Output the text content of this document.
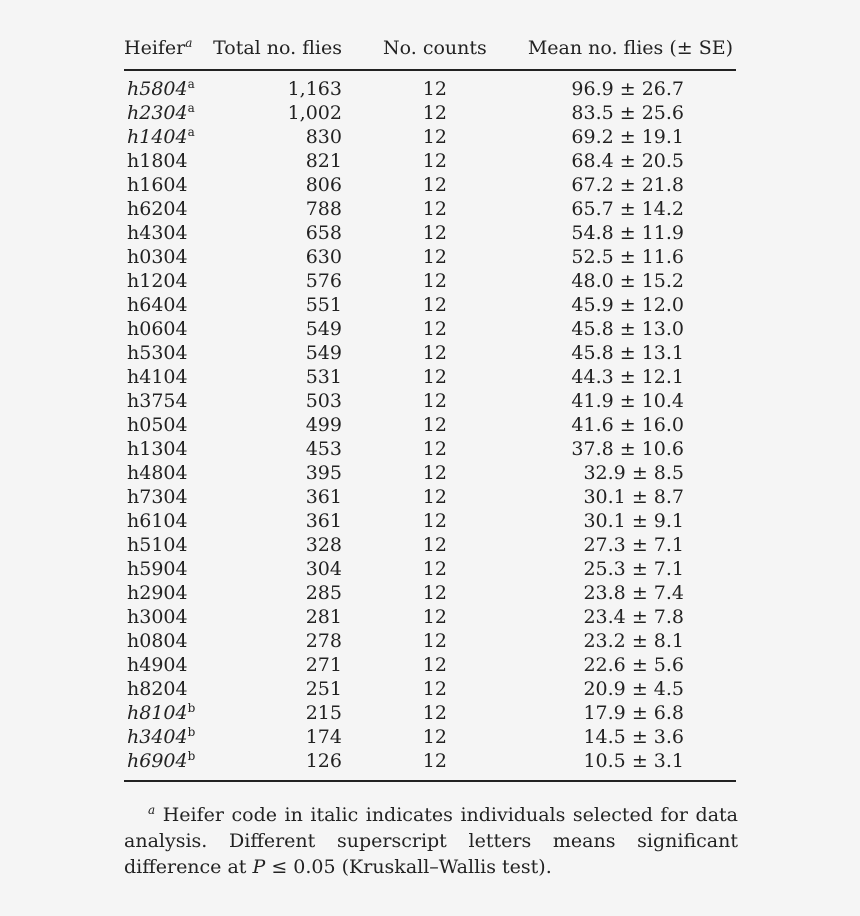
Heifer$^a$	Total no. flies	No. counts	Mean no. flies (± SE)
h5804$^a$	1,163	12	96.9 ± 26.7
h2304$^a$	1,002	12	83.5 ± 25.6
h1404$^a$	830	12	69.2 ± 19.1
h1804	821	12	68.4 ± 20.5
h1604	806	12	67.2 ± 21.8
h6204	788	12	65.7 ± 14.2
h4304	658	12	54.8 ± 11.9
h0304	630	12	52.5 ± 11.6
h1204	576	12	48.0 ± 15.2
h6404	551	12	45.9 ± 12.0
h0604	549	12	45.8 ± 13.0
h5304	549	12	45.8 ± 13.1
h4104	531	12	44.3 ± 12.1
h3754	503	12	41.9 ± 10.4
h0504	499	12	41.6 ± 16.0
h1304	453	12	37.8 ± 10.6
h4804	395	12	32.9 ± 8.5
h7304	361	12	30.1 ± 8.7
h6104	361	12	30.1 ± 9.1
h5104	328	12	27.3 ± 7.1
h5904	304	12	25.3 ± 7.1
h2904	285	12	23.8 ± 7.4
h3004	281	12	23.4 ± 7.8
h0804	278	12	23.2 ± 8.1
h4904	271	12	22.6 ± 5.6
h8204	251	12	20.9 ± 4.5
h8104$^b$	215	12	17.9 ± 6.8
h3404$^b$	174	12	14.5 ± 3.6
h6904$^b$	126	12	10.5 ± 3.1
$^a$ Heifer code in italic indicates individuals selected for data analysis. Different superscript letters means significant difference at P ≤ 0.05 (Kruskall–Wallis test).
